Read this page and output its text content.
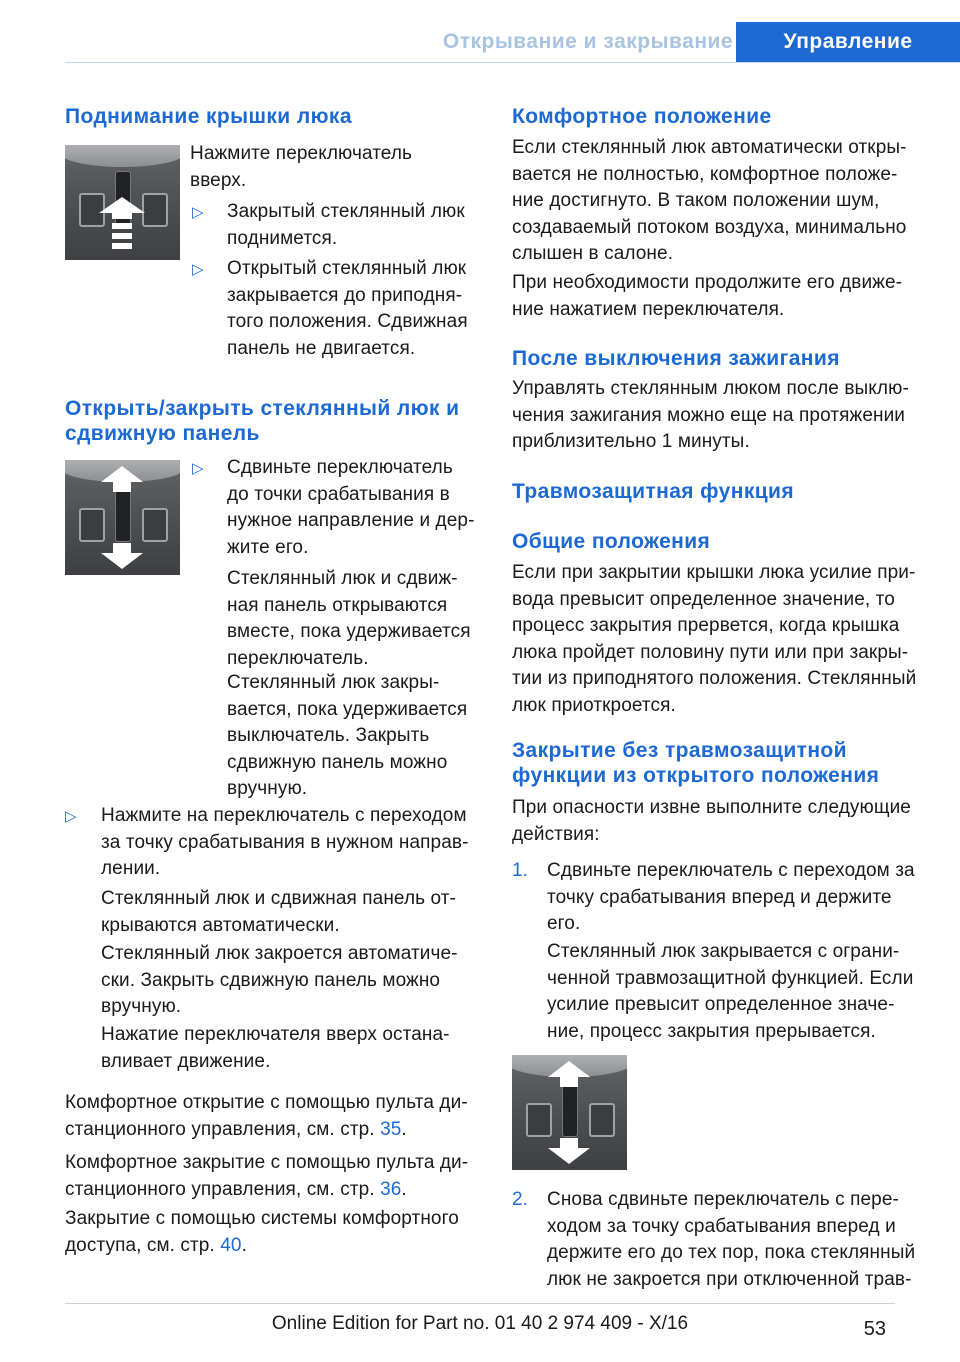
Открывание и закрывание	Управление
Поднимание крышки люка
Нажмите переключатель
вверх.
▷ Закрытый стеклянный люк
поднимется.
▷ Открытый стеклянный люк
закрывается до приподня-
того положения. Сдвижная
панель не двигается.
Открыть/закрыть стеклянный люк и
сдвижную панель
▷ Сдвиньте переключатель
до точки срабатывания в
нужное направление и дер-
жите его.
Стеклянный люк и сдвиж-
ная панель открываются
вместе, пока удерживается
переключатель.
Стеклянный люк закры-
вается, пока удерживается
выключатель. Закрыть
сдвижную панель можно
вручную.
▷ Нажмите на переключатель с переходом
за точку срабатывания в нужном направ-
лении.
Стеклянный люк и сдвижная панель от-
крываются автоматически.
Стеклянный люк закроется автоматиче-
ски. Закрыть сдвижную панель можно
вручную.
Нажатие переключателя вверх остана-
вливает движение.
Комфортное открытие с помощью пульта ди-
станционного управления, см. стр. 35.
Комфортное закрытие с помощью пульта ди-
станционного управления, см. стр. 36.
Закрытие с помощью системы комфортного
доступа, см. стр. 40.
Комфортное положение
Если стеклянный люк автоматически откры-
вается не полностью, комфортное положе-
ние достигнуто. В таком положении шум,
создаваемый потоком воздуха, минимально
слышен в салоне.
При необходимости продолжите его движе-
ние нажатием переключателя.
После выключения зажигания
Управлять стеклянным люком после выклю-
чения зажигания можно еще на протяжении
приблизительно 1 минуты.
Травмозащитная функция
Общие положения
Если при закрытии крышки люка усилие при-
вода превысит определенное значение, то
процесс закрытия прервется, когда крышка
люка пройдет половину пути или при закры-
тии из приподнятого положения. Стеклянный
люк приоткроется.
Закрытие без травмозащитной
функции из открытого положения
При опасности извне выполните следующие
действия:
1. Сдвиньте переключатель с переходом за
точку срабатывания вперед и держите
его.
Стеклянный люк закрывается с ограни-
ченной травмозащитной функцией. Если
усилие превысит определенное значе-
ние, процесс закрытия прерывается.
2. Снова сдвиньте переключатель с пере-
ходом за точку срабатывания вперед и
держите его до тех пор, пока стеклянный
люк не закроется при отключенной трав-
53
Online Edition for Part no. 01 40 2 974 409 - X/16
